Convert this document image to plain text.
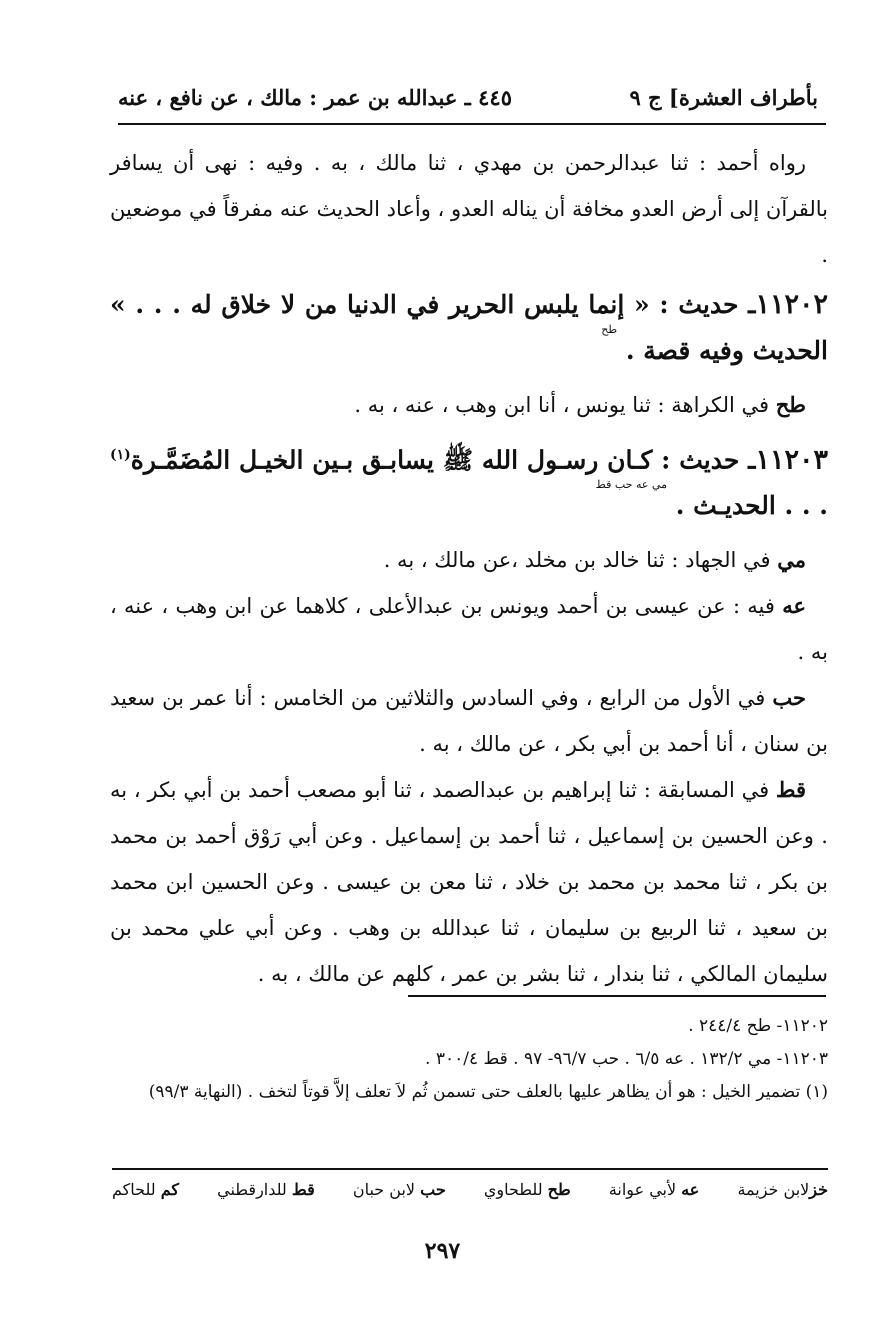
بأطراف العشرة] ج ٩
٤٤٥ ـ عبدالله بن عمر : مالك ، عن نافع ، عنه

رواه أحمد : ثنا عبدالرحمن بن مهدي ، ثنا مالك ، به . وفيه : نهى أن يسافر بالقرآن إلى أرض العدو مخافة أن يناله العدو ، وأعاد الحديث عنه مفرقاً في موضعين .

١١٢٠٢ـ حديث : « إنما يلبس الحرير في الدنيا من لا خلاق له . . . » الحديث وفيه قصة . طح

طح في الكراهة : ثنا يونس ، أنا ابن وهب ، عنه ، به .

١١٢٠٣ـ حديث : كـان رسـول الله ﷺ يسابـق بـين الخيـل المُضَمَّـرة$^{(١)}$ . . . الحديـث . مي عه حب قط

مي في الجهاد : ثنا خالد بن مخلد ،عن مالك ، به .

عه فيه : عن عيسى بن أحمد ويونس بن عبدالأعلى ، كلاهما عن ابن وهب ، عنه ، به .

حب في الأول من الرابع ، وفي السادس والثلاثين من الخامس : أنا عمر بن سعيد بن سنان ، أنا أحمد بن أبي بكر ، عن مالك ، به .

قط في المسابقة : ثنا إبراهيم بن عبدالصمد ، ثنا أبو مصعب أحمد بن أبي بكر ، به . وعن الحسين بن إسماعيل ، ثنا أحمد بن إسماعيل . وعن أبي رَوْق أحمد بن محمد بن بكر ، ثنا محمد بن محمد بن خلاد ، ثنا معن بن عيسى . وعن الحسين ابن محمد بن سعيد ، ثنا الربيع بن سليمان ، ثنا عبدالله بن وهب . وعن أبي علي محمد بن سليمان المالكي ، ثنا بندار ، ثنا بشر بن عمر ، كلهم عن مالك ، به .

١١٢٠٢- طح ٢٤٤/٤ .

١١٢٠٣- مي ١٣٢/٢ . عه ٦/٥ . حب ٩٦/٧- ٩٧ . قط ٣٠٠/٤ .

(١) تضمير الخيل : هو أن يظاهر عليها بالعلف حتى تسمن ثُم لاَ تعلف إلاَّ قوتاً لتخف . (النهاية ٩٩/٣)

خزلابن خزيمة
عه لأبي عوانة
طح للطحاوي
حب لابن حبان
قط للدارقطني
كم للحاكم
٢٩٧
